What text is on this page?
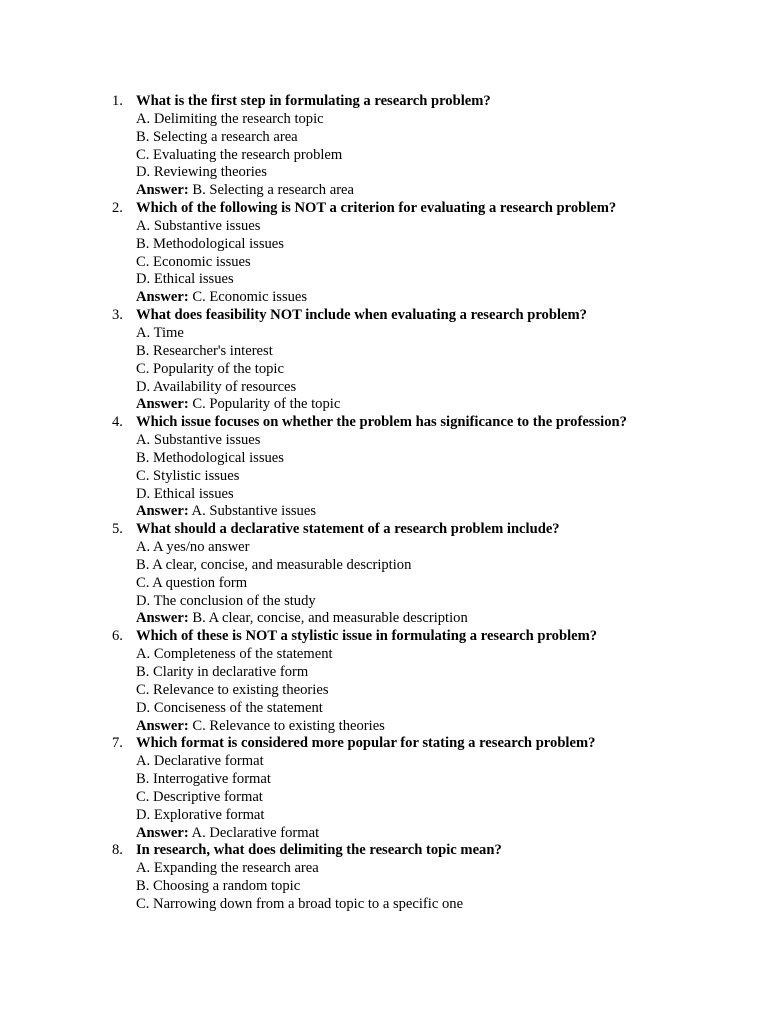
1. What is the first step in formulating a research problem?
A. Delimiting the research topic
B. Selecting a research area
C. Evaluating the research problem
D. Reviewing theories
Answer: B. Selecting a research area
2. Which of the following is NOT a criterion for evaluating a research problem?
A. Substantive issues
B. Methodological issues
C. Economic issues
D. Ethical issues
Answer: C. Economic issues
3. What does feasibility NOT include when evaluating a research problem?
A. Time
B. Researcher's interest
C. Popularity of the topic
D. Availability of resources
Answer: C. Popularity of the topic
4. Which issue focuses on whether the problem has significance to the profession?
A. Substantive issues
B. Methodological issues
C. Stylistic issues
D. Ethical issues
Answer: A. Substantive issues
5. What should a declarative statement of a research problem include?
A. A yes/no answer
B. A clear, concise, and measurable description
C. A question form
D. The conclusion of the study
Answer: B. A clear, concise, and measurable description
6. Which of these is NOT a stylistic issue in formulating a research problem?
A. Completeness of the statement
B. Clarity in declarative form
C. Relevance to existing theories
D. Conciseness of the statement
Answer: C. Relevance to existing theories
7. Which format is considered more popular for stating a research problem?
A. Declarative format
B. Interrogative format
C. Descriptive format
D. Explorative format
Answer: A. Declarative format
8. In research, what does delimiting the research topic mean?
A. Expanding the research area
B. Choosing a random topic
C. Narrowing down from a broad topic to a specific one
